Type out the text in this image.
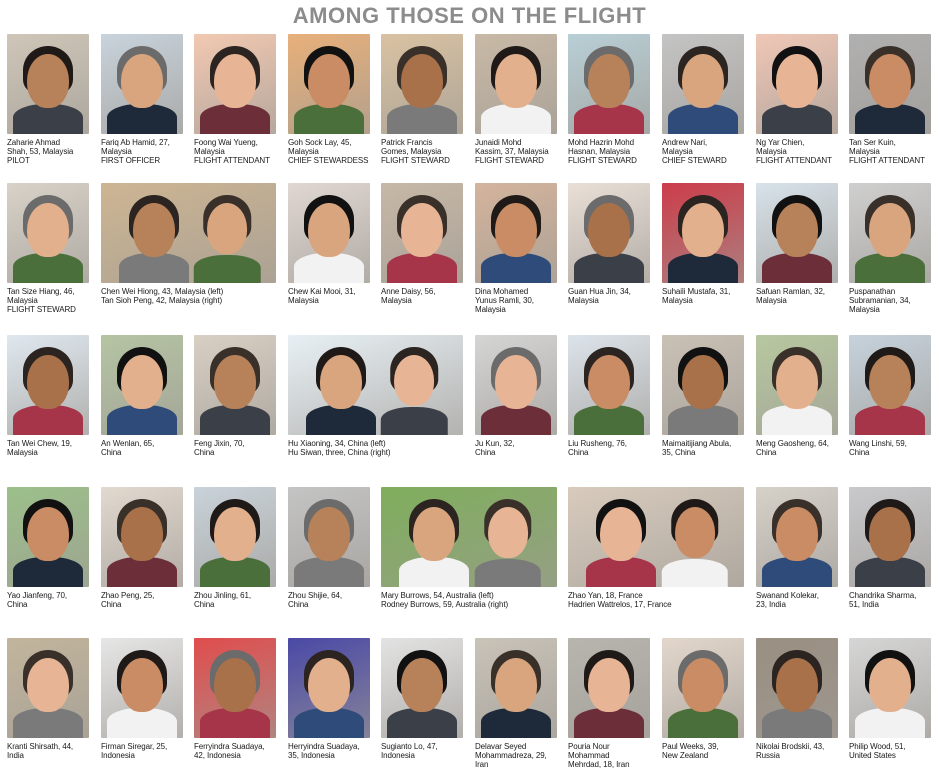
AMONG THOSE ON THE FLIGHT
Zaharie Ahmad
Shah, 53, Malaysia
PILOT
Fariq Ab Hamid, 27,
Malaysia
FIRST OFFICER
Foong Wai Yueng,
Malaysia
FLIGHT ATTENDANT
Goh Sock Lay, 45,
Malaysia
CHIEF STEWARDESS
Patrick Francis
Gomes, Malaysia
FLIGHT STEWARD
Junaidi Mohd
Kassim, 37, Malaysia
FLIGHT STEWARD
Mohd Hazrin Mohd
Hasnan, Malaysia
FLIGHT STEWARD
Andrew Nari,
Malaysia
CHIEF STEWARD
Ng Yar Chien,
Malaysia
FLIGHT ATTENDANT
Tan Ser Kuin,
Malaysia
FLIGHT ATTENDANT
Tan Size Hiang, 46,
Malaysia
FLIGHT STEWARD
Chen Wei Hiong, 43, Malaysia (left)
Tan Sioh Peng, 42, Malaysia (right)
Chew Kai Mooi, 31,
Malaysia
Anne Daisy, 56,
Malaysia
Dina Mohamed
Yunus Ramli, 30,
Malaysia
Guan Hua Jin, 34,
Malaysia
Suhaili Mustafa, 31,
Malaysia
Safuan Ramlan, 32,
Malaysia
Puspanathan
Subramanian, 34,
Malaysia
Tan Wei Chew, 19,
Malaysia
An Wenlan, 65,
China
Feng Jixin, 70,
China
Hu Xiaoning, 34, China (left)
Hu Siwan, three, China (right)
Ju Kun, 32,
China
Liu Rusheng, 76,
China
Maimaitijiang Abula,
35, China
Meng Gaosheng, 64,
China
Wang Linshi, 59,
China
Yao Jianfeng, 70,
China
Zhao Peng, 25,
China
Zhou Jinling, 61,
China
Zhou Shijie, 64,
China
Mary Burrows, 54, Australia (left)
Rodney Burrows, 59, Australia (right)
Zhao Yan, 18, France
Hadrien Wattrelos, 17, France
Swanand Kolekar,
23, India
Chandrika Sharma,
51, India
Kranti Shirsath, 44,
India
Firman Siregar, 25,
Indonesia
Ferryindra Suadaya,
42, Indonesia
Herryindra Suadaya,
35, Indonesia
Sugianto Lo, 47,
Indonesia
Delavar Seyed
Mohammadreza, 29,
Iran
Pouria Nour
Mohammad
Mehrdad, 18, Iran
Paul Weeks, 39,
New Zealand
Nikolai Brodskii, 43,
Russia
Philip Wood, 51,
United States
